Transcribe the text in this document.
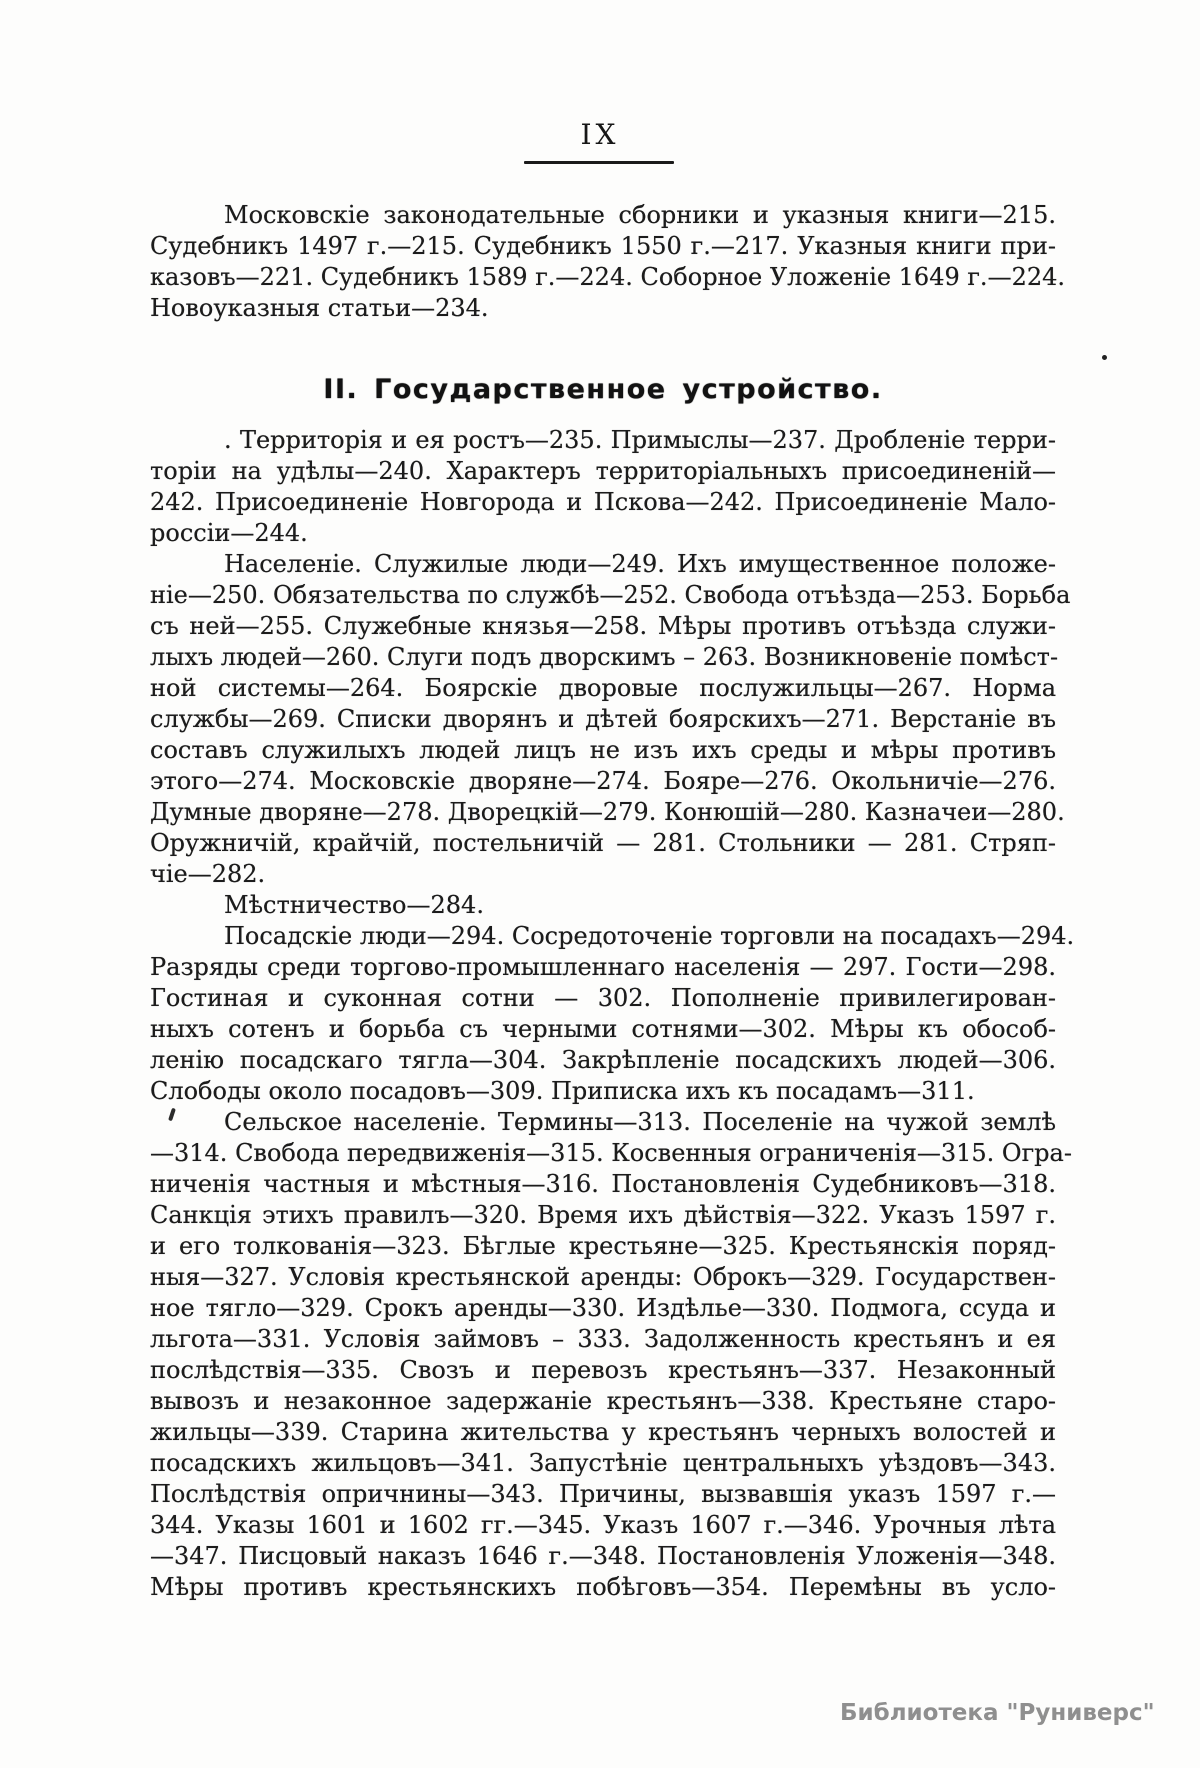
IX
Московскіе законодательные сборники и указныя книги—215.
Судебникъ 1497 г.—215. Судебникъ 1550 г.—217. Указныя книги при-
казовъ—221. Судебникъ 1589 г.—224. Соборное Уложеніе 1649 г.—224.
Новоуказныя статьи—234.
II. Государственное устройство.
. Территорія и ея ростъ—235. Примыслы—237. Дробленіе терри-
торіи на удѣлы—240. Характеръ территоріальныхъ присоединеній—
242. Присоединеніе Новгорода и Пскова—242. Присоединеніе Мало-
россіи—244.
Населеніе. Служилые люди—249. Ихъ имущественное положе-
ніе—250. Обязательства по службѣ—252. Свобода отъѣзда—253. Борьба
съ ней—255. Служебные князья—258. Мѣры противъ отъѣзда служи-
лыхъ людей—260. Слуги подъ дворскимъ – 263. Возникновеніе помѣст-
ной системы—264. Боярскіе дворовые послужильцы—267. Норма
службы—269. Списки дворянъ и дѣтей боярскихъ—271. Верстаніе въ
составъ служилыхъ людей лицъ не изъ ихъ среды и мѣры противъ
этого—274. Московскіе дворяне—274. Бояре—276. Окольничіе—276.
Думные дворяне—278. Дворецкій—279. Конюшій—280. Казначеи—280.
Оружничій, крайчій, постельничій — 281. Стольники — 281. Стряп-
чіе—282.
Мѣстничество—284.
Посадскіе люди—294. Сосредоточеніе торговли на посадахъ—294.
Разряды среди торгово-промышленнаго населенія — 297. Гости—298.
Гостиная и суконная сотни — 302. Пополненіе привилегирован-
ныхъ сотенъ и борьба съ черными сотнями—302. Мѣры къ обособ-
ленію посадскаго тягла—304. Закрѣпленіе посадскихъ людей—306.
Слободы около посадовъ—309. Приписка ихъ къ посадамъ—311.
Сельское населеніе. Термины—313. Поселеніе на чужой землѣ
—314. Свобода передвиженія—315. Косвенныя ограниченія—315. Огра-
ниченія частныя и мѣстныя—316. Постановленія Судебниковъ—318.
Санкція этихъ правилъ—320. Время ихъ дѣйствія—322. Указъ 1597 г.
и его толкованія—323. Бѣглые крестьяне—325. Крестьянскія поряд-
ныя—327. Условія крестьянской аренды: Оброкъ—329. Государствен-
ное тягло—329. Срокъ аренды—330. Издѣлье—330. Подмога, ссуда и
льгота—331. Условія займовъ – 333. Задолженность крестьянъ и ея
послѣдствія—335. Свозъ и перевозъ крестьянъ—337. Незаконный
вывозъ и незаконное задержаніе крестьянъ—338. Крестьяне старо-
жильцы—339. Старина жительства у крестьянъ черныхъ волостей и
посадскихъ жильцовъ—341. Запустѣніе центральныхъ уѣздовъ—343.
Послѣдствія опричнины—343. Причины, вызвавшія указъ 1597 г.—
344. Указы 1601 и 1602 гг.—345. Указъ 1607 г.—346. Урочныя лѣта
—347. Писцовый наказъ 1646 г.—348. Постановленія Уложенія—348.
Мѣры противъ крестьянскихъ побѣговъ—354. Перемѣны въ усло-
Библиотека "Руниверс"
